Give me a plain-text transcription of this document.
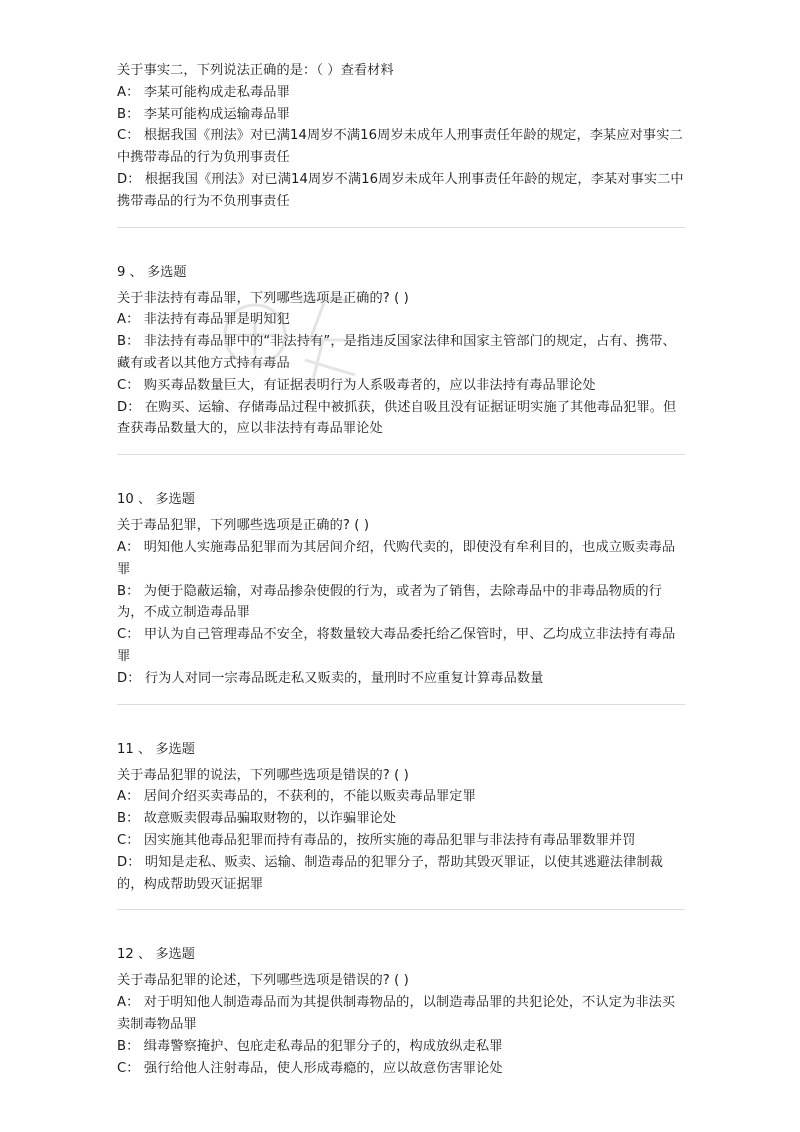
关于事实二，下列说法正确的是：（ ）查看材料

A： 李某可能构成走私毒品罪

B： 李某可能构成运输毒品罪

C： 根据我国《刑法》对已满14周岁不满16周岁未成年人刑事责任年龄的规定，李某应对事实二中携带毒品的行为负刑事责任

D： 根据我国《刑法》对已满14周岁不满16周岁未成年人刑事责任年龄的规定，李某对事实二中携带毒品的行为不负刑事责任

9 、 多选题

关于非法持有毒品罪，下列哪些选项是正确的? ( )

A： 非法持有毒品罪是明知犯

B： 非法持有毒品罪中的“非法持有”，是指违反国家法律和国家主管部门的规定，占有、携带、藏有或者以其他方式持有毒品

C： 购买毒品数量巨大，有证据表明行为人系吸毒者的，应以非法持有毒品罪论处

D： 在购买、运输、存储毒品过程中被抓获，供述自吸且没有证据证明实施了其他毒品犯罪。但查获毒品数量大的，应以非法持有毒品罪论处

10 、 多选题

关于毒品犯罪，下列哪些选项是正确的? ( )

A： 明知他人实施毒品犯罪而为其居间介绍，代购代卖的，即使没有牟利目的，也成立贩卖毒品罪

B： 为便于隐蔽运输，对毒品掺杂使假的行为，或者为了销售，去除毒品中的非毒品物质的行为，不成立制造毒品罪

C： 甲认为自己管理毒品不安全，将数量较大毒品委托给乙保管时，甲、乙均成立非法持有毒品罪

D： 行为人对同一宗毒品既走私又贩卖的，量刑时不应重复计算毒品数量

11 、 多选题

关于毒品犯罪的说法，下列哪些选项是错误的? ( )

A： 居间介绍买卖毒品的，不获利的，不能以贩卖毒品罪定罪

B： 故意贩卖假毒品骗取财物的，以诈骗罪论处

C： 因实施其他毒品犯罪而持有毒品的，按所实施的毒品犯罪与非法持有毒品罪数罪并罚

D： 明知是走私、贩卖、运输、制造毒品的犯罪分子，帮助其毁灭罪证，以使其逃避法律制裁的，构成帮助毁灭证据罪

12 、 多选题

关于毒品犯罪的论述，下列哪些选项是错误的? ( )

A： 对于明知他人制造毒品而为其提供制毒物品的，以制造毒品罪的共犯论处，不认定为非法买卖制毒物品罪

B： 缉毒警察掩护、包庇走私毒品的犯罪分子的，构成放纵走私罪

C： 强行给他人注射毒品，使人形成毒瘾的，应以故意伤害罪论处
